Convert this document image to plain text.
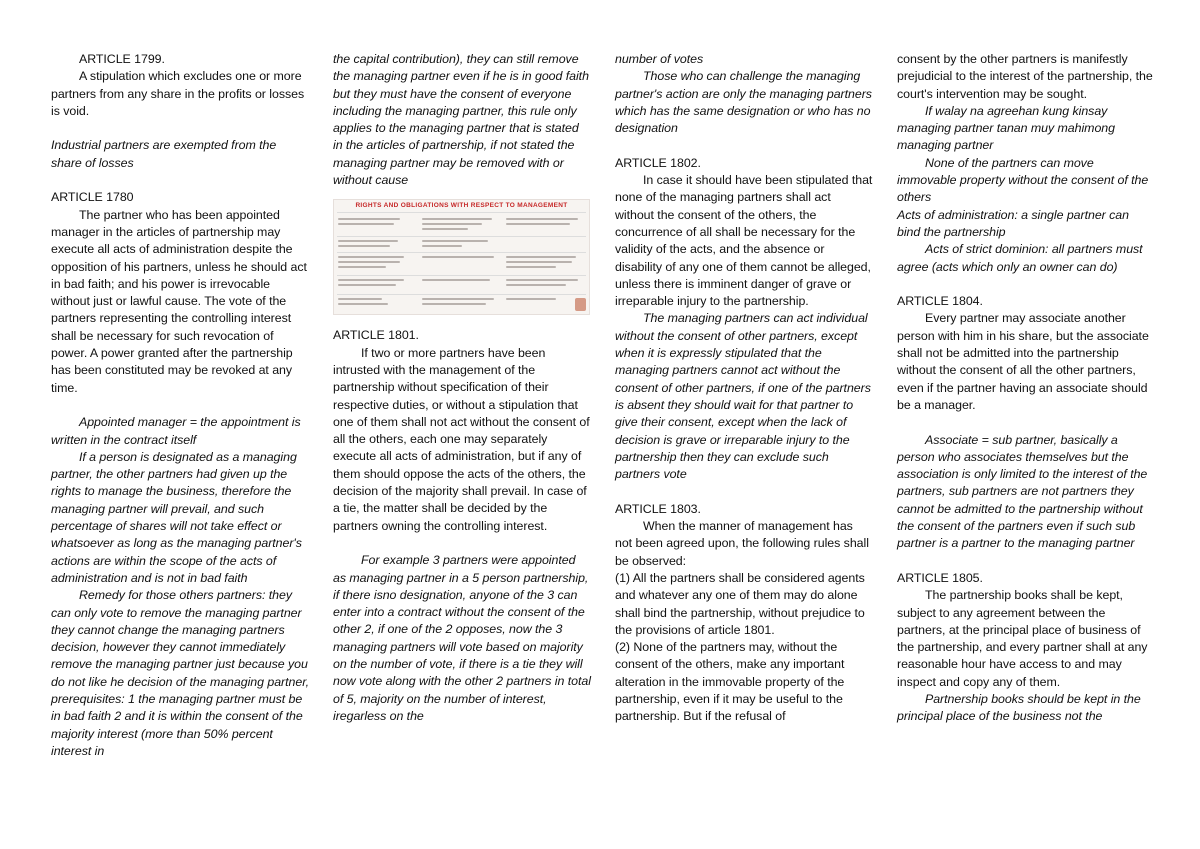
ARTICLE 1799.

A stipulation which excludes one or more partners from any share in the profits or losses is void.

Industrial partners are exempted from the share of losses

ARTICLE 1780

The partner who has been appointed manager in the articles of partnership may execute all acts of administration despite the opposition of his partners, unless he should act in bad faith; and his power is irrevocable without just or lawful cause. The vote of the partners representing the controlling interest shall be necessary for such revocation of power. A power granted after the partnership has been constituted may be revoked at any time.

Appointed manager = the appointment is written in the contract itself

If a person is designated as a managing partner, the other partners had given up the rights to manage the business, therefore the managing partner will prevail, and such percentage of shares will not take effect or whatsoever as long as the managing partner's actions are within the scope of the acts of administration and is not in bad faith

Remedy for those others partners: they can only vote to remove the managing partner they cannot change the managing partners decision, however they cannot immediately remove the managing partner just because you do not like he decision of the managing partner, prerequisites: 1 the managing partner must be in bad faith 2 and it is within the consent of the majority interest (more than 50% percent interest in

the capital contribution), they can still remove the managing partner even if he is in good faith but they must have the consent of everyone including the managing partner, this rule only applies to the managing partner that is stated in the articles of partnership, if not stated the managing partner may be removed with or without cause

RIGHTS AND OBLIGATIONS WITH RESPECT TO MANAGEMENT

ARTICLE 1801.

If two or more partners have been intrusted with the management of the partnership without specification of their respective duties, or without a stipulation that one of them shall not act without the consent of all the others, each one may separately execute all acts of administration, but if any of them should oppose the acts of the others, the decision of the majority shall prevail. In case of a tie, the matter shall be decided by the partners owning the controlling interest.

For example 3 partners were appointed as managing partner in a 5 person partnership, if there isno designation, anyone of the 3 can enter into a contract without the consent of the other 2, if one of the 2 opposes, now the 3 managing partners will vote based on majority on the number of vote, if there is a tie they will now vote along with the other 2 partners in total of 5, majority on the number of interest, iregarless on the

number of votes

Those who can challenge the managing partner's action are only the managing partners which has the same designation or who has no designation

ARTICLE 1802.

In case it should have been stipulated that none of the managing partners shall act without the consent of the others, the concurrence of all shall be necessary for the validity of the acts, and the absence or disability of any one of them cannot be alleged, unless there is imminent danger of grave or irreparable injury to the partnership.

The managing partners can act individual without the consent of other partners, except when it is expressly stipulated that the managing partners cannot act without the consent of other partners, if one of the partners is absent they should wait for that partner to give their consent, except when the lack of decision is grave or irreparable injury to the partnership then they can exclude such partners vote

ARTICLE 1803.

When the manner of management has not been agreed upon, the following rules shall be observed:

(1) All the partners shall be considered agents and whatever any one of them may do alone shall bind the partnership, without prejudice to the provisions of article 1801.

(2) None of the partners may, without the consent of the others, make any important alteration in the immovable property of the partnership, even if it may be useful to the partnership. But if the refusal of

consent by the other partners is manifestly prejudicial to the interest of the partnership, the court's intervention may be sought.

If walay na agreehan kung kinsay managing partner tanan muy mahimong managing partner

None of the partners can move immovable property without the consent of the others

Acts of administration: a single partner can bind the partnership

Acts of strict dominion: all partners must agree (acts which only an owner can do)

ARTICLE 1804.

Every partner may associate another person with him in his share, but the associate shall not be admitted into the partnership without the consent of all the other partners, even if the partner having an associate should be a manager.

Associate = sub partner, basically a person who associates themselves but the association is only limited to the interest of the partners, sub partners are not partners they cannot be admitted to the partnership without the consent of the partners even if such sub partner is a partner to the managing partner

ARTICLE 1805.

The partnership books shall be kept, subject to any agreement between the partners, at the principal place of business of the partnership, and every partner shall at any reasonable hour have access to and may inspect and copy any of them.

Partnership books should be kept in the principal place of the business not the
